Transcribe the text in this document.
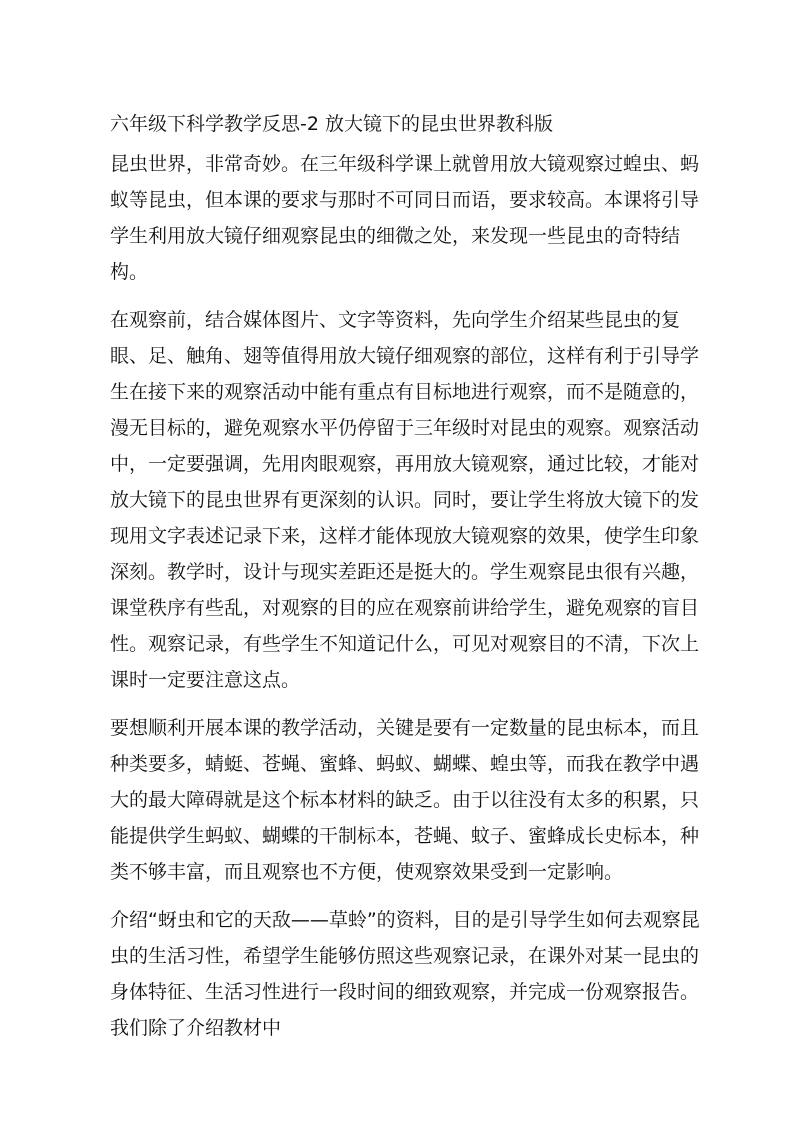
六年级下科学教学反思-2 放大镜下的昆虫世界教科版

昆虫世界，非常奇妙。在三年级科学课上就曾用放大镜观察过蝗虫、蚂蚁等昆虫，但本课的要求与那时不可同日而语，要求较高。本课将引导学生利用放大镜仔细观察昆虫的细微之处，来发现一些昆虫的奇特结构。

在观察前，结合媒体图片、文字等资料，先向学生介绍某些昆虫的复眼、足、触角、翅等值得用放大镜仔细观察的部位，这样有利于引导学生在接下来的观察活动中能有重点有目标地进行观察，而不是随意的，漫无目标的，避免观察水平仍停留于三年级时对昆虫的观察。观察活动中，一定要强调，先用肉眼观察，再用放大镜观察，通过比较，才能对放大镜下的昆虫世界有更深刻的认识。同时，要让学生将放大镜下的发现用文字表述记录下来，这样才能体现放大镜观察的效果，使学生印象深刻。教学时，设计与现实差距还是挺大的。学生观察昆虫很有兴趣，课堂秩序有些乱，对观察的目的应在观察前讲给学生，避免观察的盲目性。观察记录，有些学生不知道记什么，可见对观察目的不清，下次上课时一定要注意这点。

要想顺利开展本课的教学活动，关键是要有一定数量的昆虫标本，而且种类要多，蜻蜓、苍蝇、蜜蜂、蚂蚁、蝴蝶、蝗虫等，而我在教学中遇大的最大障碍就是这个标本材料的缺乏。由于以往没有太多的积累，只能提供学生蚂蚁、蝴蝶的干制标本，苍蝇、蚊子、蜜蜂成长史标本，种类不够丰富，而且观察也不方便，使观察效果受到一定影响。

介绍“蚜虫和它的天敌——草蛉”的资料，目的是引导学生如何去观察昆虫的生活习性，希望学生能够仿照这些观察记录，在课外对某一昆虫的身体特征、生活习性进行一段时间的细致观察，并完成一份观察报告。我们除了介绍教材中
